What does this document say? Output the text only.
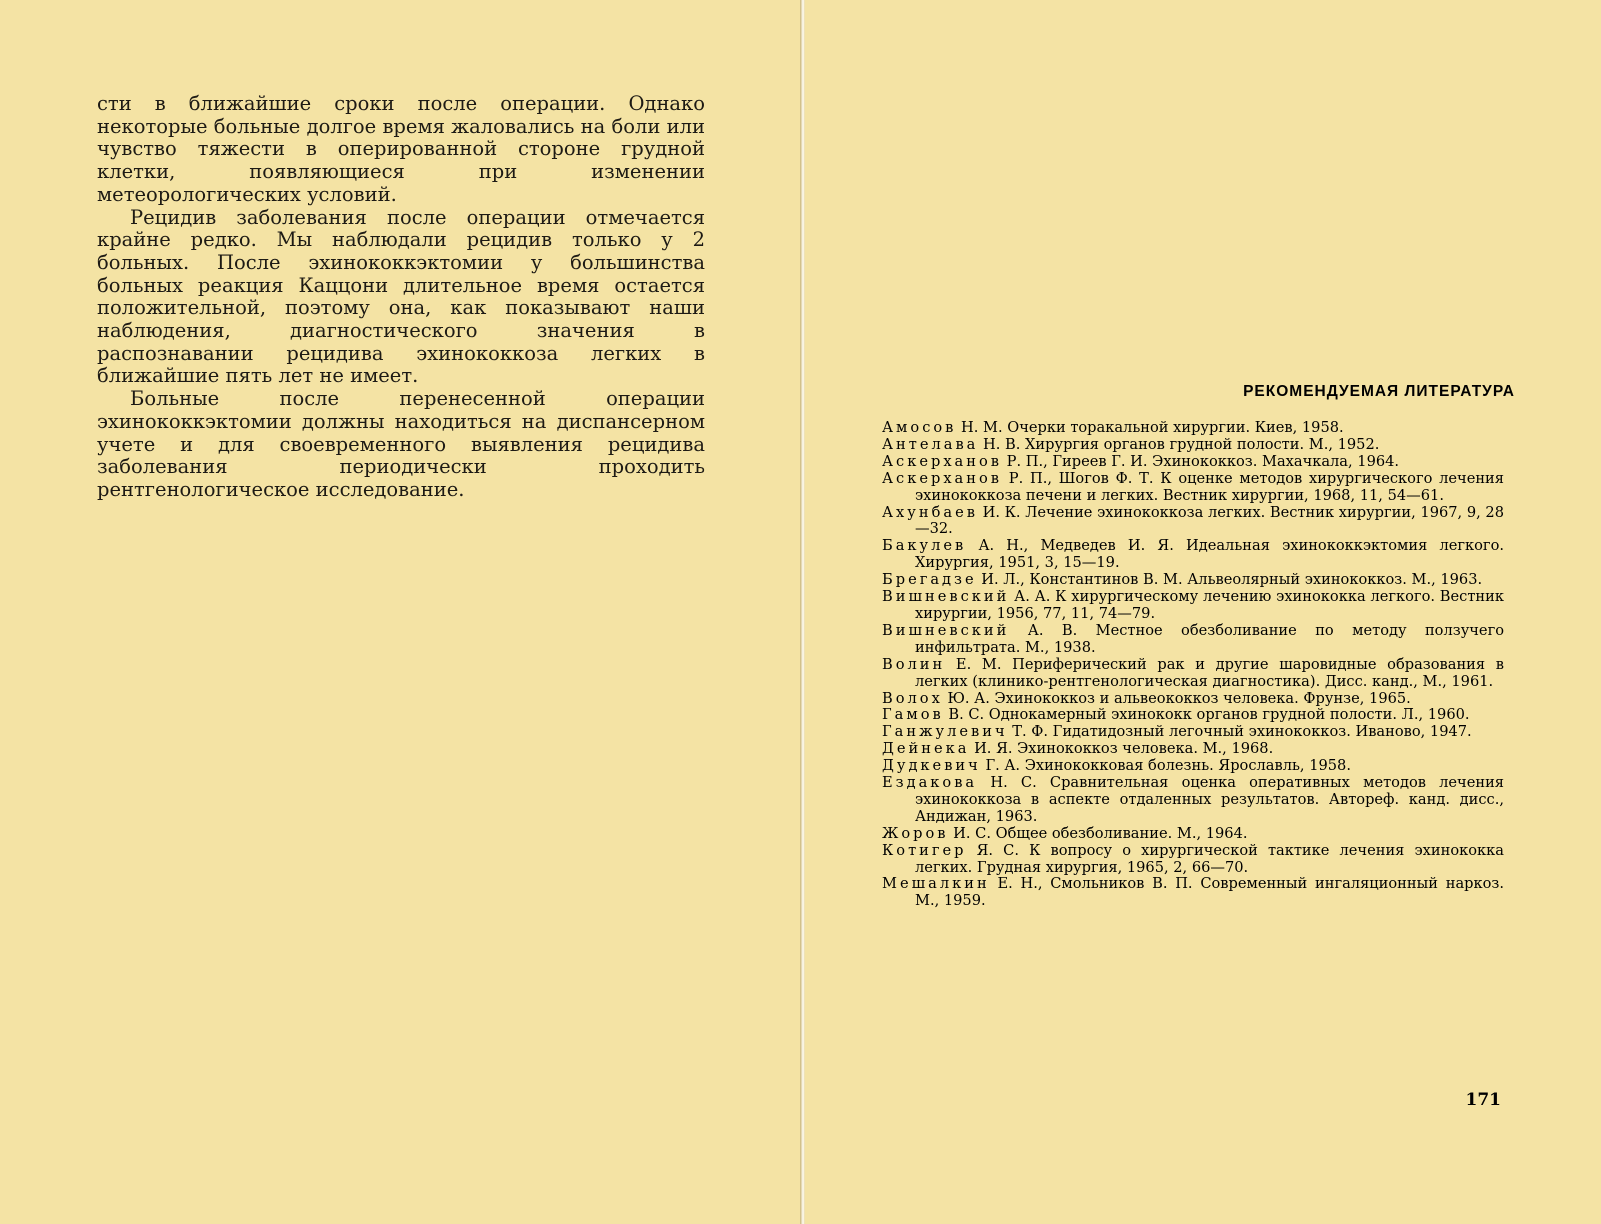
сти в ближайшие сроки после операции. Однако некоторые больные долгое время жаловались на боли или чувство тяжести в оперированной стороне грудной клетки, появляющиеся при изменении метеорологических условий.

Рецидив заболевания после операции отмечается крайне редко. Мы наблюдали рецидив только у 2 больных. После эхинококкэктомии у большинства больных реакция Каццони длительное время остается положительной, поэтому она, как показывают наши наблюдения, диагностического значения в распознавании рецидива эхинококкоза легких в ближайшие пять лет не имеет.

Больные после перенесенной операции эхинококкэктомии должны находиться на диспансерном учете и для своевременного выявления рецидива заболевания периодически проходить рентгенологическое исследование.

РЕКОМЕНДУЕМАЯ ЛИТЕРАТУРА
Амосов Н. М. Очерки торакальной хирургии. Киев, 1958.
Антелава Н. В. Хирургия органов грудной полости. М., 1952.
Аскерханов Р. П., Гиреев Г. И. Эхинококкоз. Махачкала, 1964.
Аскерханов Р. П., Шогов Ф. Т. К оценке методов хирургического лечения эхинококкоза печени и легких. Вестник хирургии, 1968, 11, 54—61.
Ахунбаев И. К. Лечение эхинококкоза легких. Вестник хирургии, 1967, 9, 28—32.
Бакулев А. Н., Медведев И. Я. Идеальная эхинококкэктомия легкого. Хирургия, 1951, 3, 15—19.
Брегадзе И. Л., Константинов В. М. Альвеолярный эхинококкоз. М., 1963.
Вишневский А. А. К хирургическому лечению эхинококка легкого. Вестник хирургии, 1956, 77, 11, 74—79.
Вишневский А. В. Местное обезболивание по методу ползучего инфильтрата. М., 1938.
Волин Е. М. Периферический рак и другие шаровидные образования в легких (клинико-рентгенологическая диагностика). Дисс. канд., М., 1961.
Волох Ю. А. Эхинококкоз и альвеококкоз человека. Фрунзе, 1965.
Гамов В. С. Однокамерный эхинококк органов грудной полости. Л., 1960.
Ганжулевич Т. Ф. Гидатидозный легочный эхинококкоз. Иваново, 1947.
Дейнека И. Я. Эхинококкоз человека. М., 1968.
Дудкевич Г. А. Эхинококковая болезнь. Ярославль, 1958.
Ездакова Н. С. Сравнительная оценка оперативных методов лечения эхинококкоза в аспекте отдаленных результатов. Автореф. канд. дисс., Андижан, 1963.
Жоров И. С. Общее обезболивание. М., 1964.
Котигер Я. С. К вопросу о хирургической тактике лечения эхинококка легких. Грудная хирургия, 1965, 2, 66—70.
Мешалкин Е. Н., Смольников В. П. Современный ингаляционный наркоз. М., 1959.
171
